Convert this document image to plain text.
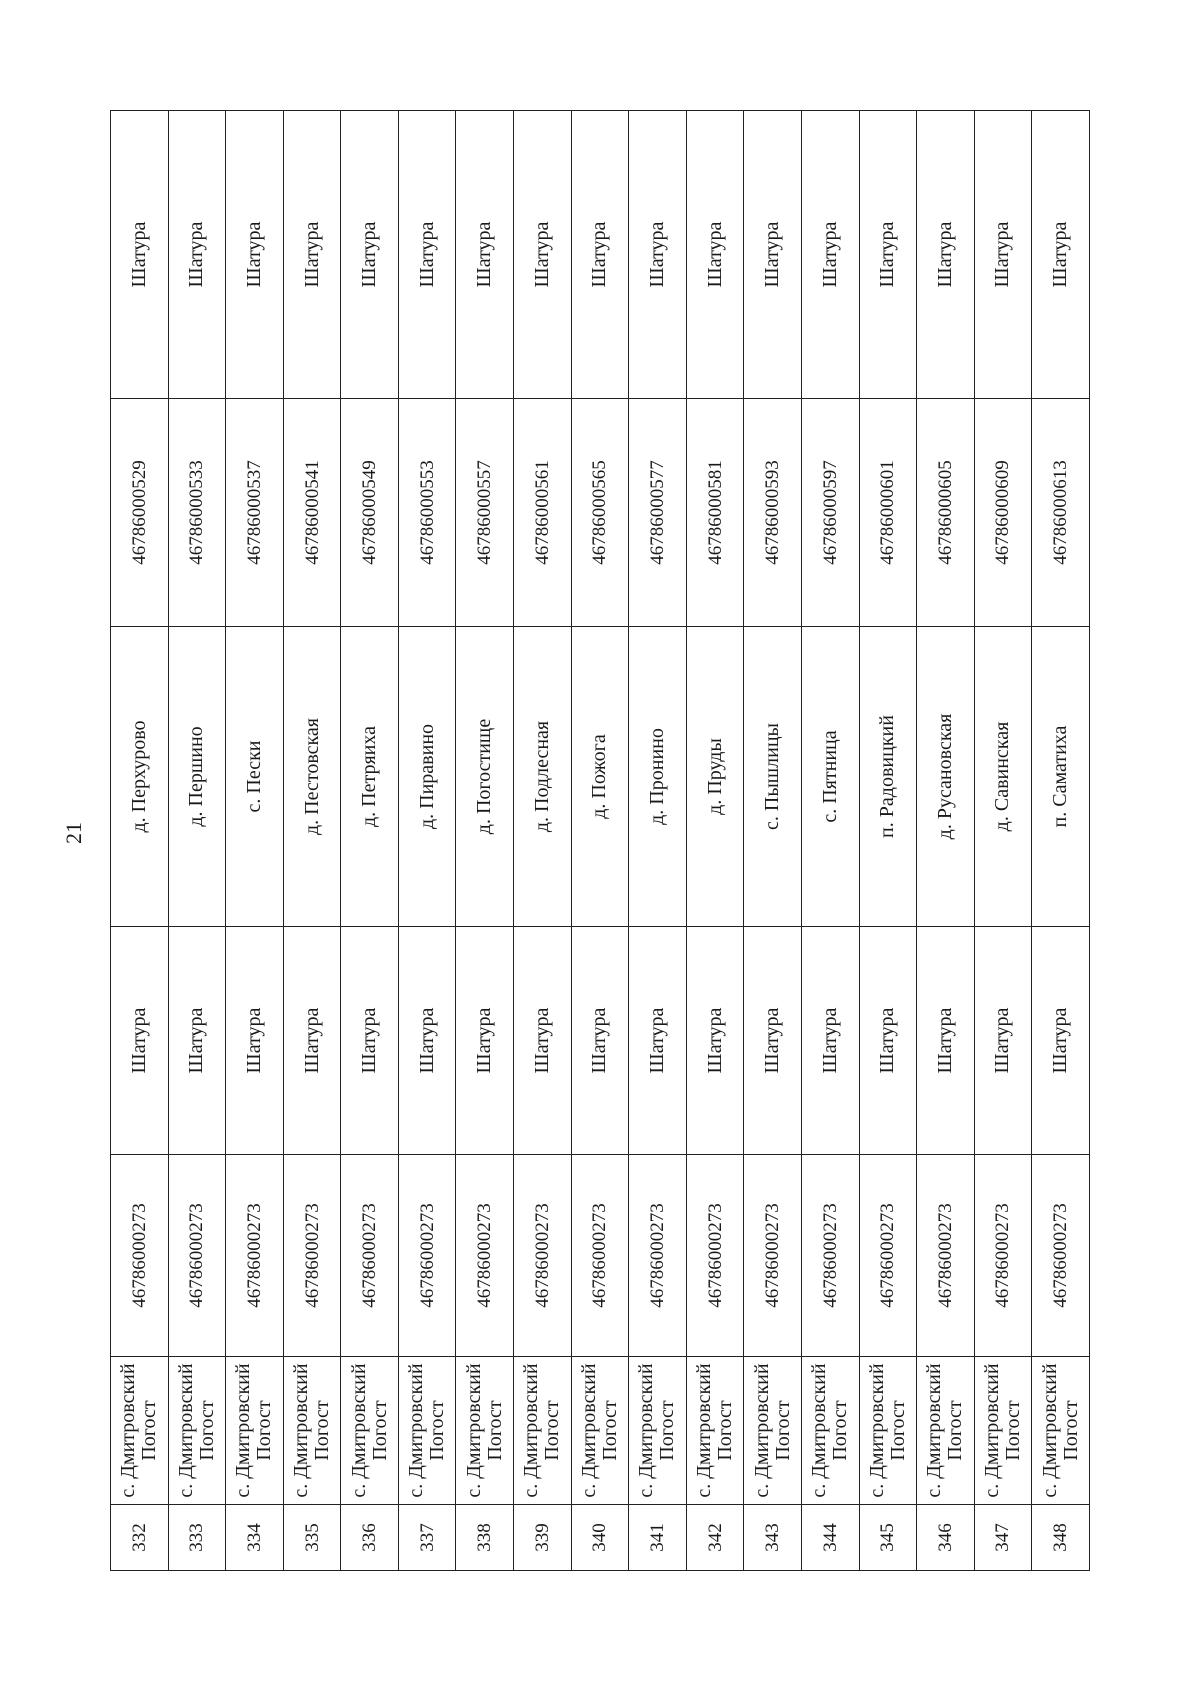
21
332	с. Дмитровский Погост	46786000273	Шатура	д. Перхурово	46786000529	Шатура
333	с. Дмитровский Погост	46786000273	Шатура	д. Першино	46786000533	Шатура
334	с. Дмитровский Погост	46786000273	Шатура	с. Пески	46786000537	Шатура
335	с. Дмитровский Погост	46786000273	Шатура	д. Пестовская	46786000541	Шатура
336	с. Дмитровский Погост	46786000273	Шатура	д. Петряиха	46786000549	Шатура
337	с. Дмитровский Погост	46786000273	Шатура	д. Пиравино	46786000553	Шатура
338	с. Дмитровский Погост	46786000273	Шатура	д. Погостище	46786000557	Шатура
339	с. Дмитровский Погост	46786000273	Шатура	д. Подлесная	46786000561	Шатура
340	с. Дмитровский Погост	46786000273	Шатура	д. Пожога	46786000565	Шатура
341	с. Дмитровский Погост	46786000273	Шатура	д. Пронино	46786000577	Шатура
342	с. Дмитровский Погост	46786000273	Шатура	д. Пруды	46786000581	Шатура
343	с. Дмитровский Погост	46786000273	Шатура	с. Пышлицы	46786000593	Шатура
344	с. Дмитровский Погост	46786000273	Шатура	с. Пятница	46786000597	Шатура
345	с. Дмитровский Погост	46786000273	Шатура	п. Радовицкий	46786000601	Шатура
346	с. Дмитровский Погост	46786000273	Шатура	д. Русановская	46786000605	Шатура
347	с. Дмитровский Погост	46786000273	Шатура	д. Савинская	46786000609	Шатура
348	с. Дмитровский Погост	46786000273	Шатура	п. Саматиха	46786000613	Шатура
